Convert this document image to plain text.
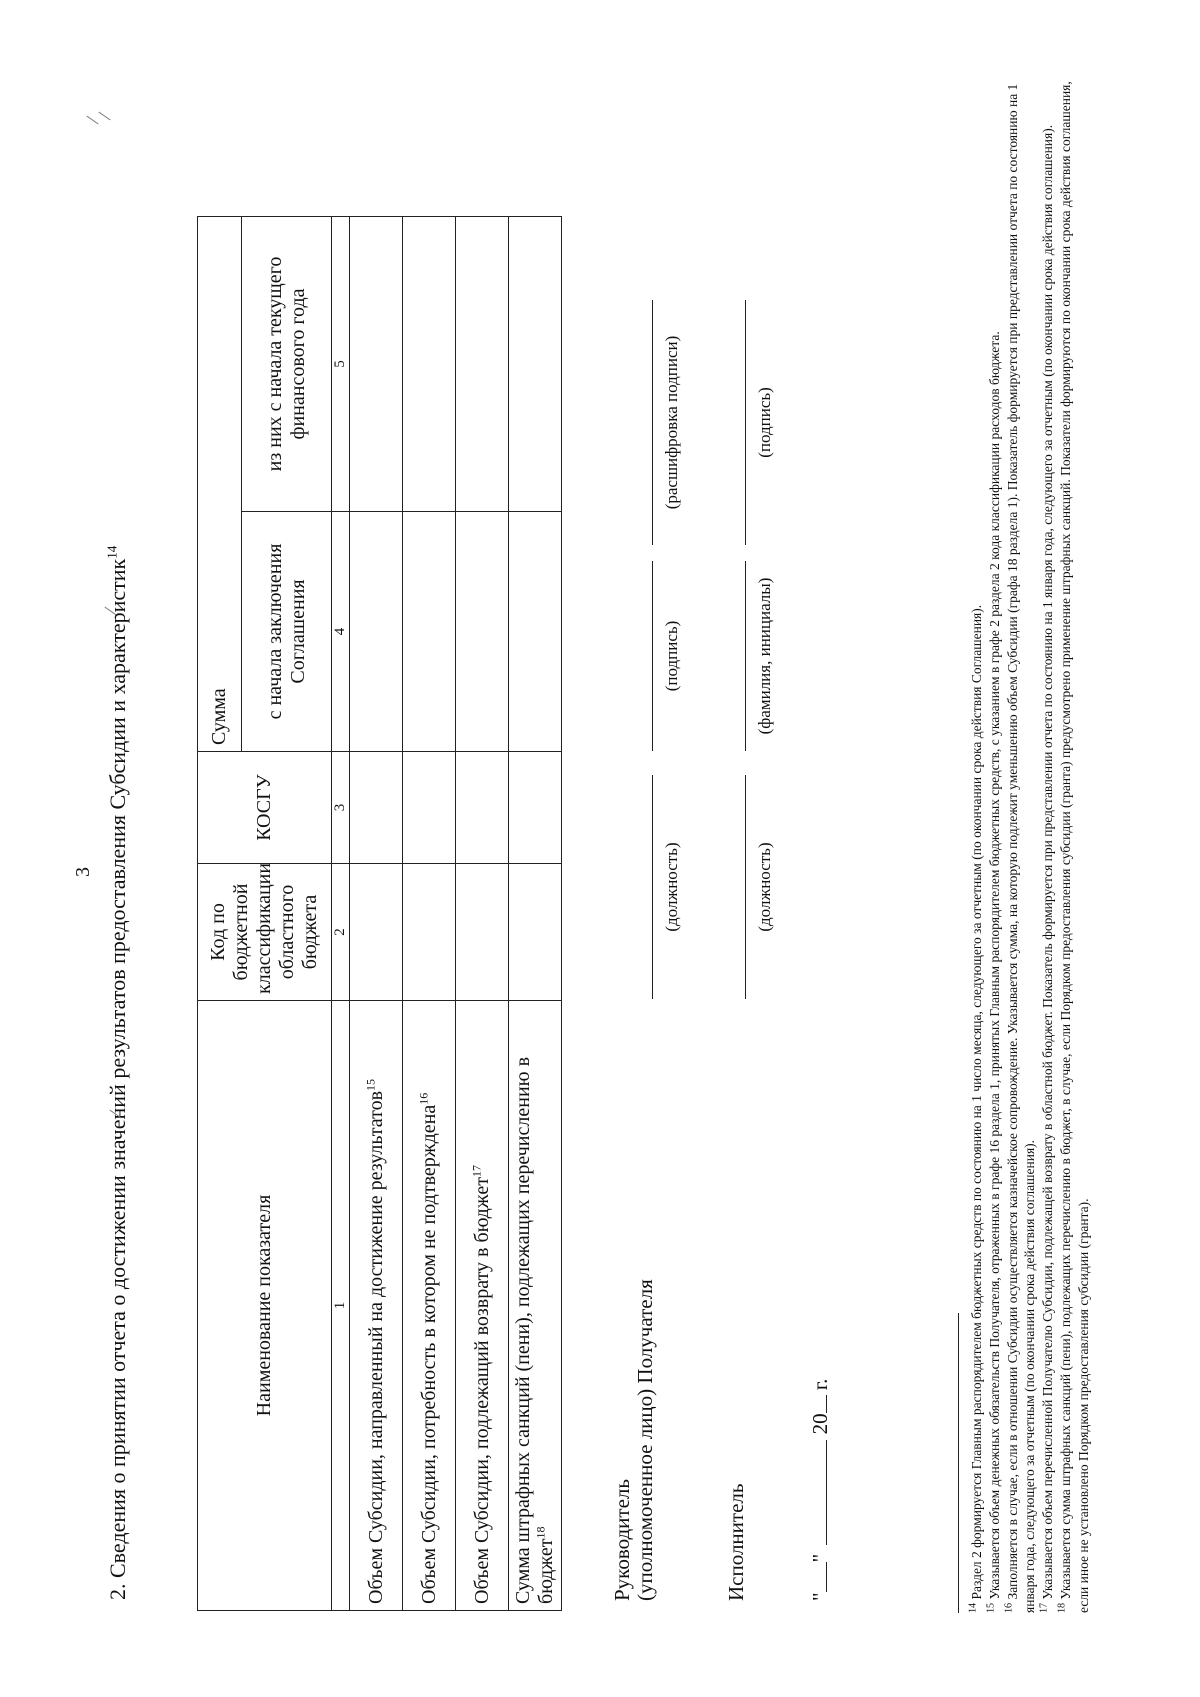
3 2. Сведения о принятии отчета о достижении значений результатов предоставления Субсидии и характеристик$^{14}$
Наименование показателя	Код по бюджетной классификации областного бюджета	КОСГУ	Сумма	
			с начала заключения Соглашения	из них с начала текущего финансового года
1	2	3	4	5
Объем Субсидии, направленный на достижение результатов$^{15}$				
Объем Субсидии, потребность в котором не подтверждена$^{16}$				
Объем Субсидии, подлежащий возврату в бюджет$^{17}$				
Сумма штрафных санкций (пени), подлежащих перечислению в бюджет$^{18}$					Руководитель (уполномоченное лицо) Получателя
(должность)
(подпись)
(расшифровка подписи)
Исполнитель
(должность)
(фамилия, инициалы)
(подпись)
""  20 г.

$^{14}$ Раздел 2 формируется Главным распорядителем бюджетных средств по состоянию на 1 число месяца, следующего за отчетным (по окончании срока действия Соглашения).

$^{15}$ Указывается объем денежных обязательств Получателя, отраженных в графе 16 раздела 1, принятых Главным распорядителем бюджетных средств, с указанием в графе 2 раздела 2 кода классификации расходов бюджета.

$^{16}$ Заполняется в случае, если в отношении Субсидии осуществляется казначейское сопровождение. Указывается сумма, на которую подлежит уменьшению объем Субсидии (графа 18 раздела 1). Показатель формируется при представлении отчета по состоянию на 1 января года, следующего за отчетным (по окончании срока действия соглашения). $^{17}$ Указывается объем перечисленной Получателю Субсидии, подлежащей возврату в областной бюджет. Показатель формируется при представлении отчета по состоянию на 1 января года, следующего за отчетным (по окончании срока действия соглашения).

$^{18}$ Указывается сумма штрафных санкций (пени), подлежащих перечислению в бюджет, в случае, если Порядком предоставления субсидии (гранта) предусмотрено применение штрафных санкций. Показатели формируются по окончании срока действия соглашения, если иное не установлено Порядком предоставления субсидии (гранта).
